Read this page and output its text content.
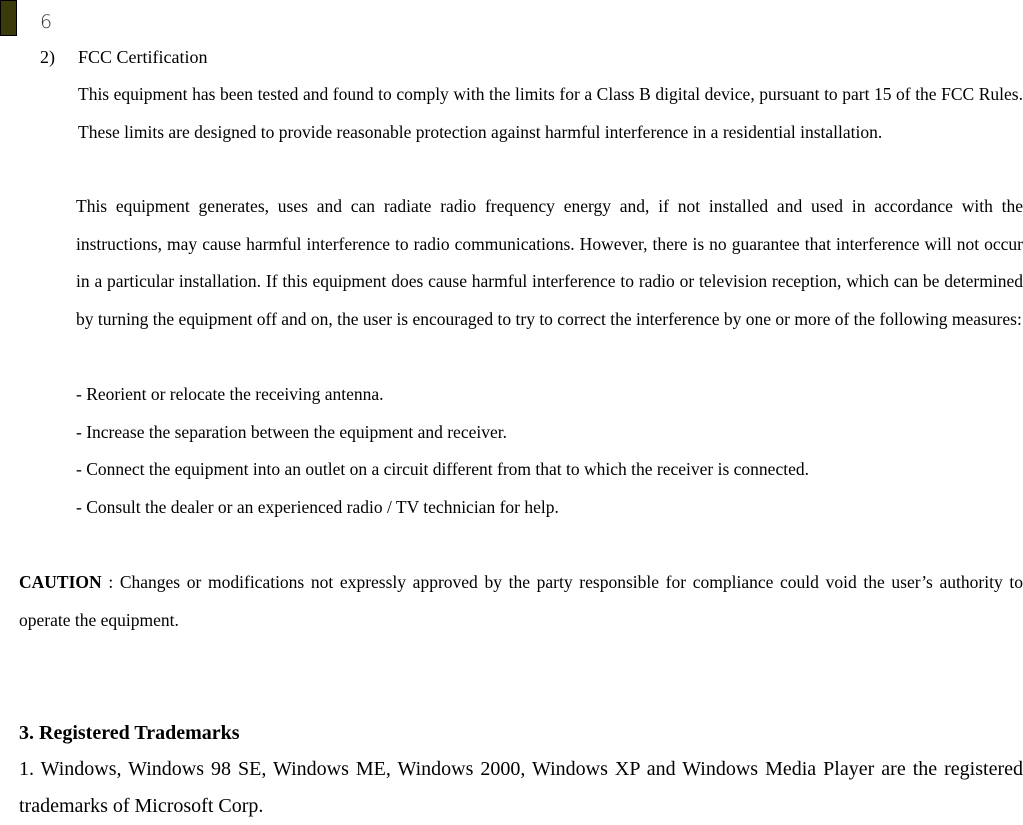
6
2) FCC Certification

This equipment has been tested and found to comply with the limits for a Class B digital device, pursuant to part 15 of the FCC Rules. These limits are designed to provide reasonable protection against harmful interference in a residential installation.

This equipment generates, uses and can radiate radio frequency energy and, if not installed and used in accordance with the instructions, may cause harmful interference to radio communications. However, there is no guarantee that interference will not occur in a particular installation. If this equipment does cause harmful interference to radio or television reception, which can be determined by turning the equipment off and on, the user is encouraged to try to correct the interference by one or more of the following measures:

- Reorient or relocate the receiving antenna.
- Increase the separation between the equipment and receiver.
- Connect the equipment into an outlet on a circuit different from that to which the receiver is connected.
- Consult the dealer or an experienced radio / TV technician for help.

CAUTION : Changes or modifications not expressly approved by the party responsible for compliance could void the user’s authority to operate the equipment.

3. Registered Trademarks

1. Windows, Windows 98 SE, Windows ME, Windows 2000, Windows XP and Windows Media Player are the registered trademarks of Microsoft Corp.
